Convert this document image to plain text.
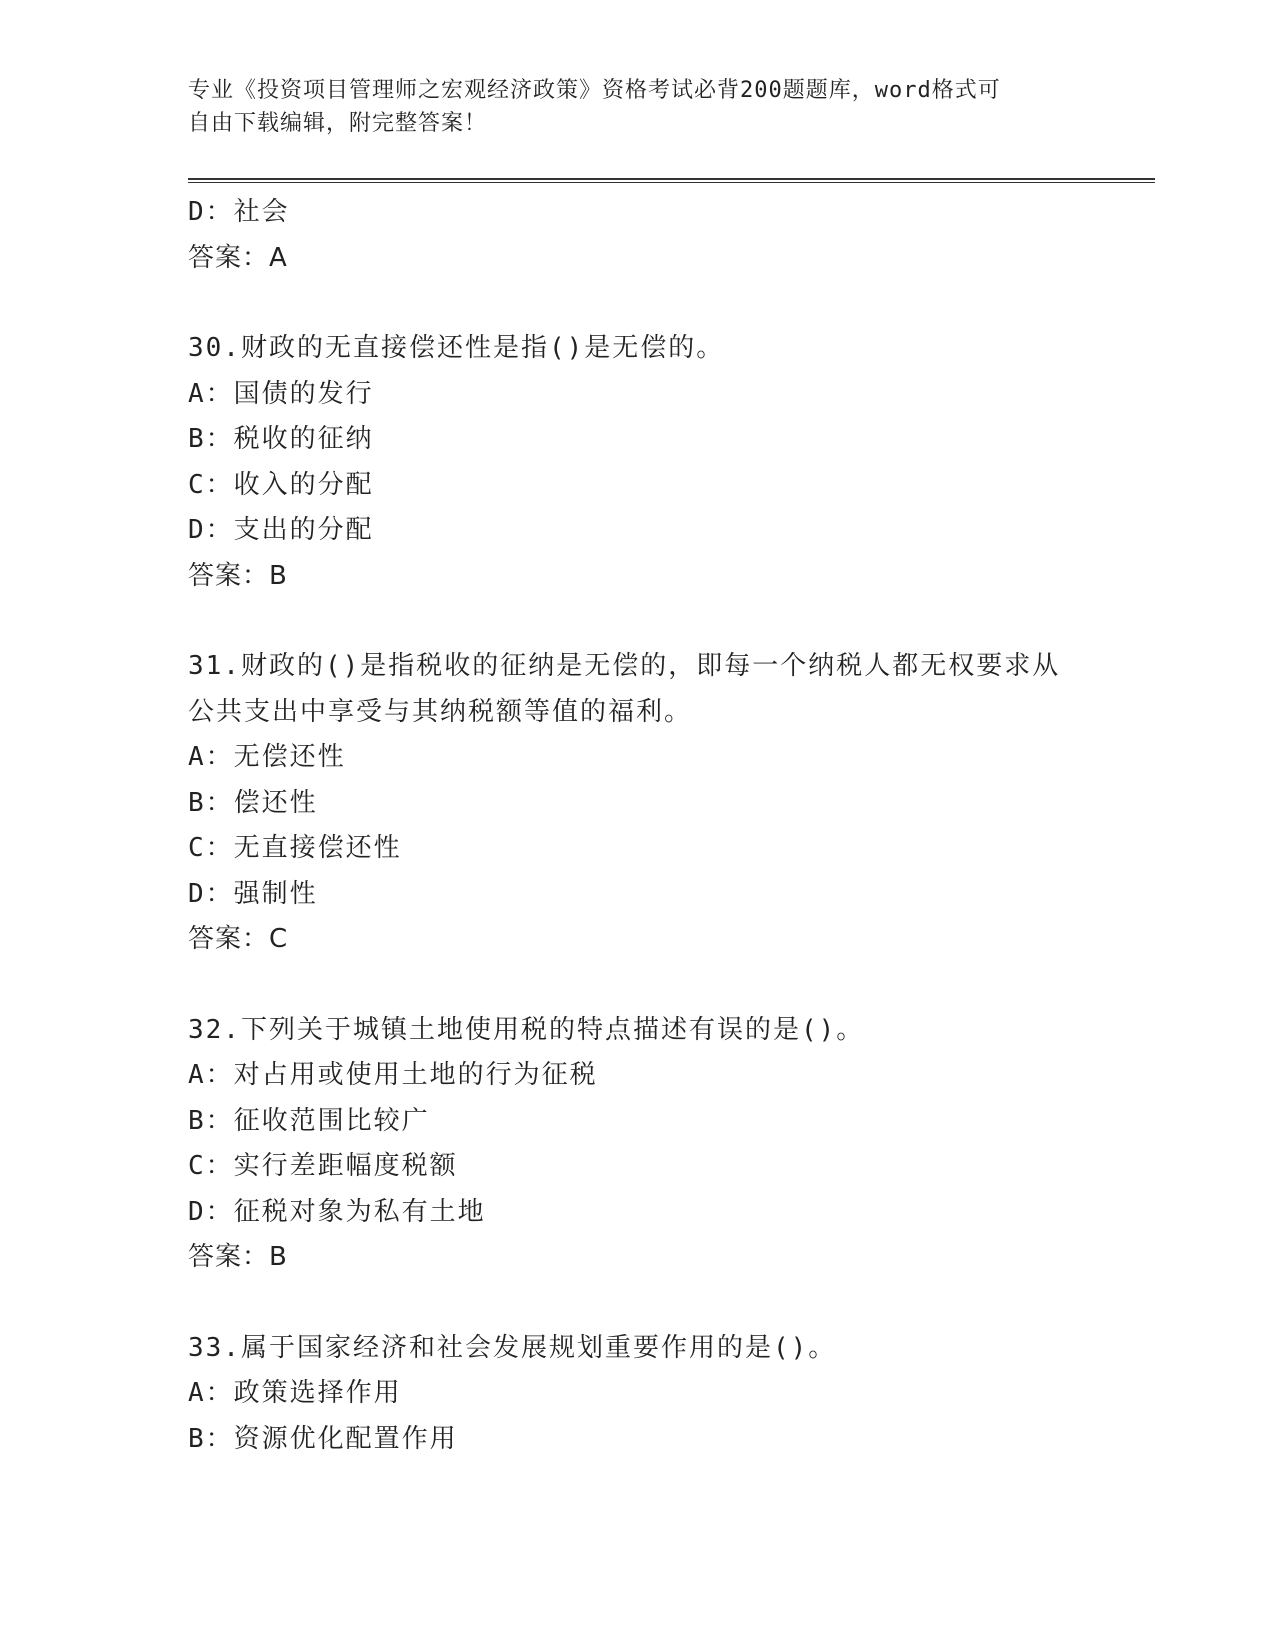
专业《投资项目管理师之宏观经济政策》资格考试必背200题题库，word格式可
自由下载编辑，附完整答案！
D：社会
答案：A
30.财政的无直接偿还性是指()是无偿的。
A：国债的发行
B：税收的征纳
C：收入的分配
D：支出的分配
答案：B
31.财政的()是指税收的征纳是无偿的，即每一个纳税人都无权要求从
公共支出中享受与其纳税额等值的福利。
A：无偿还性
B：偿还性
C：无直接偿还性
D：强制性
答案：C
32.下列关于城镇土地使用税的特点描述有误的是()。
A：对占用或使用土地的行为征税
B：征收范围比较广
C：实行差距幅度税额
D：征税对象为私有土地
答案：B
33.属于国家经济和社会发展规划重要作用的是()。
A：政策选择作用
B：资源优化配置作用
